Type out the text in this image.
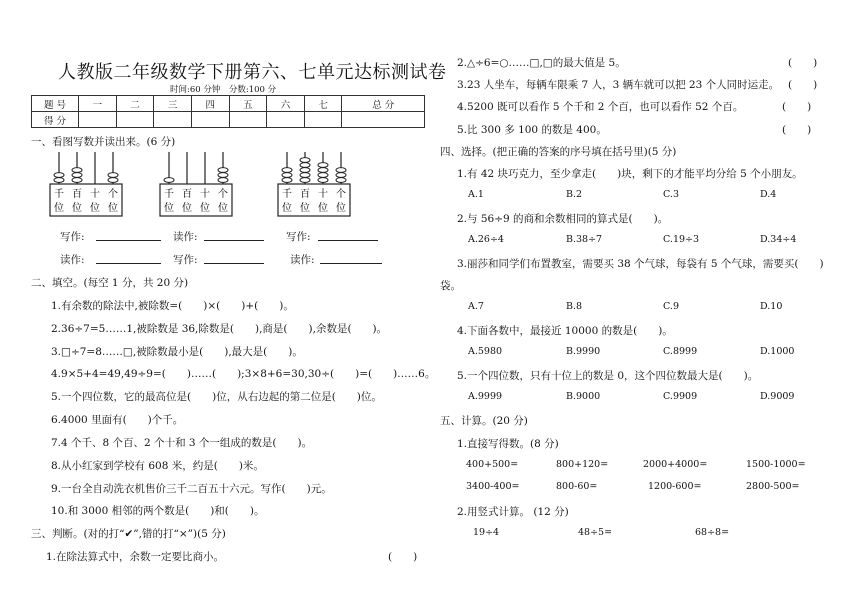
人教版二年级数学下册第六、七单元达标测试卷
时间:60 分钟　分数:100 分
题 号	一	二	三	四	五	六	七	总 分
得 分								
一、看图写数并读出来。(6 分)
千
位
百
位
十
位
个
位
千
位
百
位
十
位
个
位
千
位
百
位
十
位
个
位
写作:	读作:	写作:
读作:	写作:	读作:
二、填空。(每空 1 分，共 20 分)
1.有余数的除法中,被除数=(　　)×(　　)+(　　)。
2.36÷7=5……1,被除数是 36,除数是(　　),商是(　　),余数是(　　)。
3.□÷7=8……□,被除数最小是(　　),最大是(　　)。
4.9×5+4=49,49÷9=(　　)……(　　);3×8+6=30,30÷(　　)=(　　)……6。
5.一个四位数，它的最高位是(　　)位，从右边起的第二位是(　　)位。
6.4000 里面有(　　)个千。
7.4 个千、8 个百、2 个十和 3 个一组成的数是(　　)。
8.从小红家到学校有 608 米，约是(　　)米。
9.一台全自动洗衣机售价三千二百五十六元。写作(　　)元。
10.和 3000 相邻的两个数是(　　)和(　　)。
三、判断。(对的打“✔”,错的打“×”)(5 分)
1.在除法算式中，余数一定要比商小。	(　　)
2.△÷6=○……□,□的最大值是 5。	(　　)
3.23 人坐车，每辆车限乘 7 人，3 辆车就可以把 23 个人同时运走。 (　　)
4.5200 既可以看作 5 个千和 2 个百，也可以看作 52 个百。	(　　)
5.比 300 多 100 的数是 400。	(　　)
四、选择。(把正确的答案的序号填在括号里)(5 分)
1.有 42 块巧克力，至少拿走(　　)块，剩下的才能平均分给 5 个小朋友。
A.1	B.2	C.3	D.4
2.与 56÷9 的商和余数相同的算式是(　　)。
A.26÷4	B.38÷7	C.19÷3	D.34÷4
3.丽莎和同学们布置教室，需要买 38 个气球，每袋有 5 个气球，需要买(　　)
袋。
A.7	B.8	C.9	D.10
4.下面各数中，最接近 10000 的数是(　　)。
A.5980	B.9990	C.8999	D.1000
5.一个四位数，只有十位上的数是 0，这个四位数最大是(　　)。
A.9999	B.9000	C.9909	D.9009
五、计算。(20 分)
1.直接写得数。(8 分)
400+500=	800+120=	2000+4000=	1500-1000=
3400-400=	800-60=	1200-600=	2800-500=
2.用竖式计算。 (12 分)
19÷4	48÷5=	68÷8=
